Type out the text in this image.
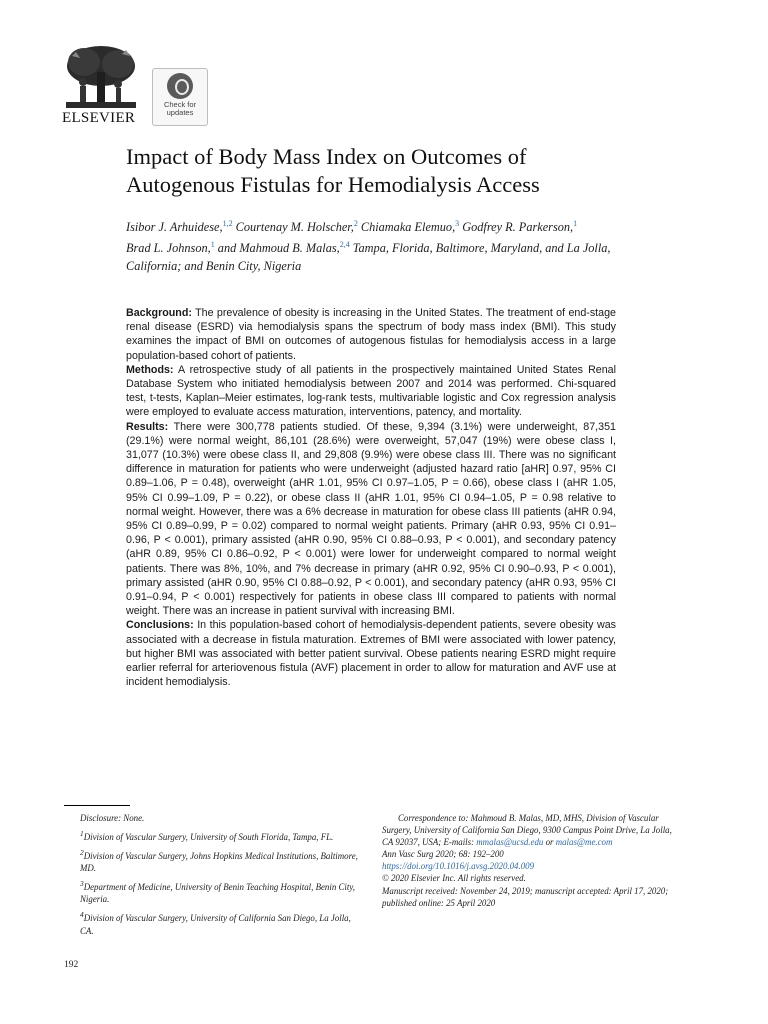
ELSEVIER
Check for
updates
Impact of Body Mass Index on Outcomes of
Autogenous Fistulas for Hemodialysis Access
Isibor J. Arhuidese,$^{1,2}$ Courtenay M. Holscher,$^2$ Chiamaka Elemuo,$^3$ Godfrey R. Parkerson,$^1$
Brad L. Johnson,$^1$ and Mahmoud B. Malas,$^{2,4}$ Tampa, Florida, Baltimore, Maryland, and La Jolla, California; and Benin City, Nigeria

Background: The prevalence of obesity is increasing in the United States. The treatment of end-stage renal disease (ESRD) via hemodialysis spans the spectrum of body mass index (BMI). This study examines the impact of BMI on outcomes of autogenous fistulas for hemodialysis access in a large population-based cohort of patients.

Methods: A retrospective study of all patients in the prospectively maintained United States Renal Database System who initiated hemodialysis between 2007 and 2014 was performed. Chi-squared test, t-tests, Kaplan–Meier estimates, log-rank tests, multivariable logistic and Cox regression analysis were employed to evaluate access maturation, interventions, patency, and mortality.

Results: There were 300,778 patients studied. Of these, 9,394 (3.1%) were underweight, 87,351 (29.1%) were normal weight, 86,101 (28.6%) were overweight, 57,047 (19%) were obese class I, 31,077 (10.3%) were obese class II, and 29,808 (9.9%) were obese class III. There was no significant difference in maturation for patients who were underweight (adjusted hazard ratio [aHR] 0.97, 95% CI 0.89–1.06, P = 0.48), overweight (aHR 1.01, 95% CI 0.97–1.05, P = 0.66), obese class I (aHR 1.05, 95% CI 0.99–1.09, P = 0.22), or obese class II (aHR 1.01, 95% CI 0.94–1.05, P = 0.98 relative to normal weight. However, there was a 6% decrease in maturation for obese class III patients (aHR 0.94, 95% CI 0.89–0.99, P = 0.02) compared to normal weight patients. Primary (aHR 0.93, 95% CI 0.91–0.96, P < 0.001), primary assisted (aHR 0.90, 95% CI 0.88–0.93, P < 0.001), and secondary patency (aHR 0.89, 95% CI 0.86–0.92, P < 0.001) were lower for underweight compared to normal weight patients. There was 8%, 10%, and 7% decrease in primary (aHR 0.92, 95% CI 0.90–0.93, P < 0.001), primary assisted (aHR 0.90, 95% CI 0.88–0.92, P < 0.001), and secondary patency (aHR 0.93, 95% CI 0.91–0.94, P < 0.001) respectively for patients in obese class III compared to patients with normal weight. There was an increase in patient survival with increasing BMI.

Conclusions: In this population-based cohort of hemodialysis-dependent patients, severe obesity was associated with a decrease in fistula maturation. Extremes of BMI were associated with lower patency, but higher BMI was associated with better patient survival. Obese patients nearing ESRD might require earlier referral for arteriovenous fistula (AVF) placement in order to allow for maturation and AVF use at incident hemodialysis.

Disclosure: None.

$^1$Division of Vascular Surgery, University of South Florida, Tampa, FL.

$^2$Division of Vascular Surgery, Johns Hopkins Medical Institutions, Baltimore, MD.

$^3$Department of Medicine, University of Benin Teaching Hospital, Benin City, Nigeria.

$^4$Division of Vascular Surgery, University of California San Diego, La Jolla, CA.

Correspondence to: Mahmoud B. Malas, MD, MHS, Division of Vascular Surgery, University of California San Diego, 9300 Campus Point Drive, La Jolla, CA 92037, USA; E-mails: mmalas@ucsd.edu or malas@me.com

Ann Vasc Surg 2020; 68: 192–200

https://doi.org/10.1016/j.avsg.2020.04.009

© 2020 Elsevier Inc. All rights reserved.

Manuscript received: November 24, 2019; manuscript accepted: April 17, 2020; published online: 25 April 2020

192
